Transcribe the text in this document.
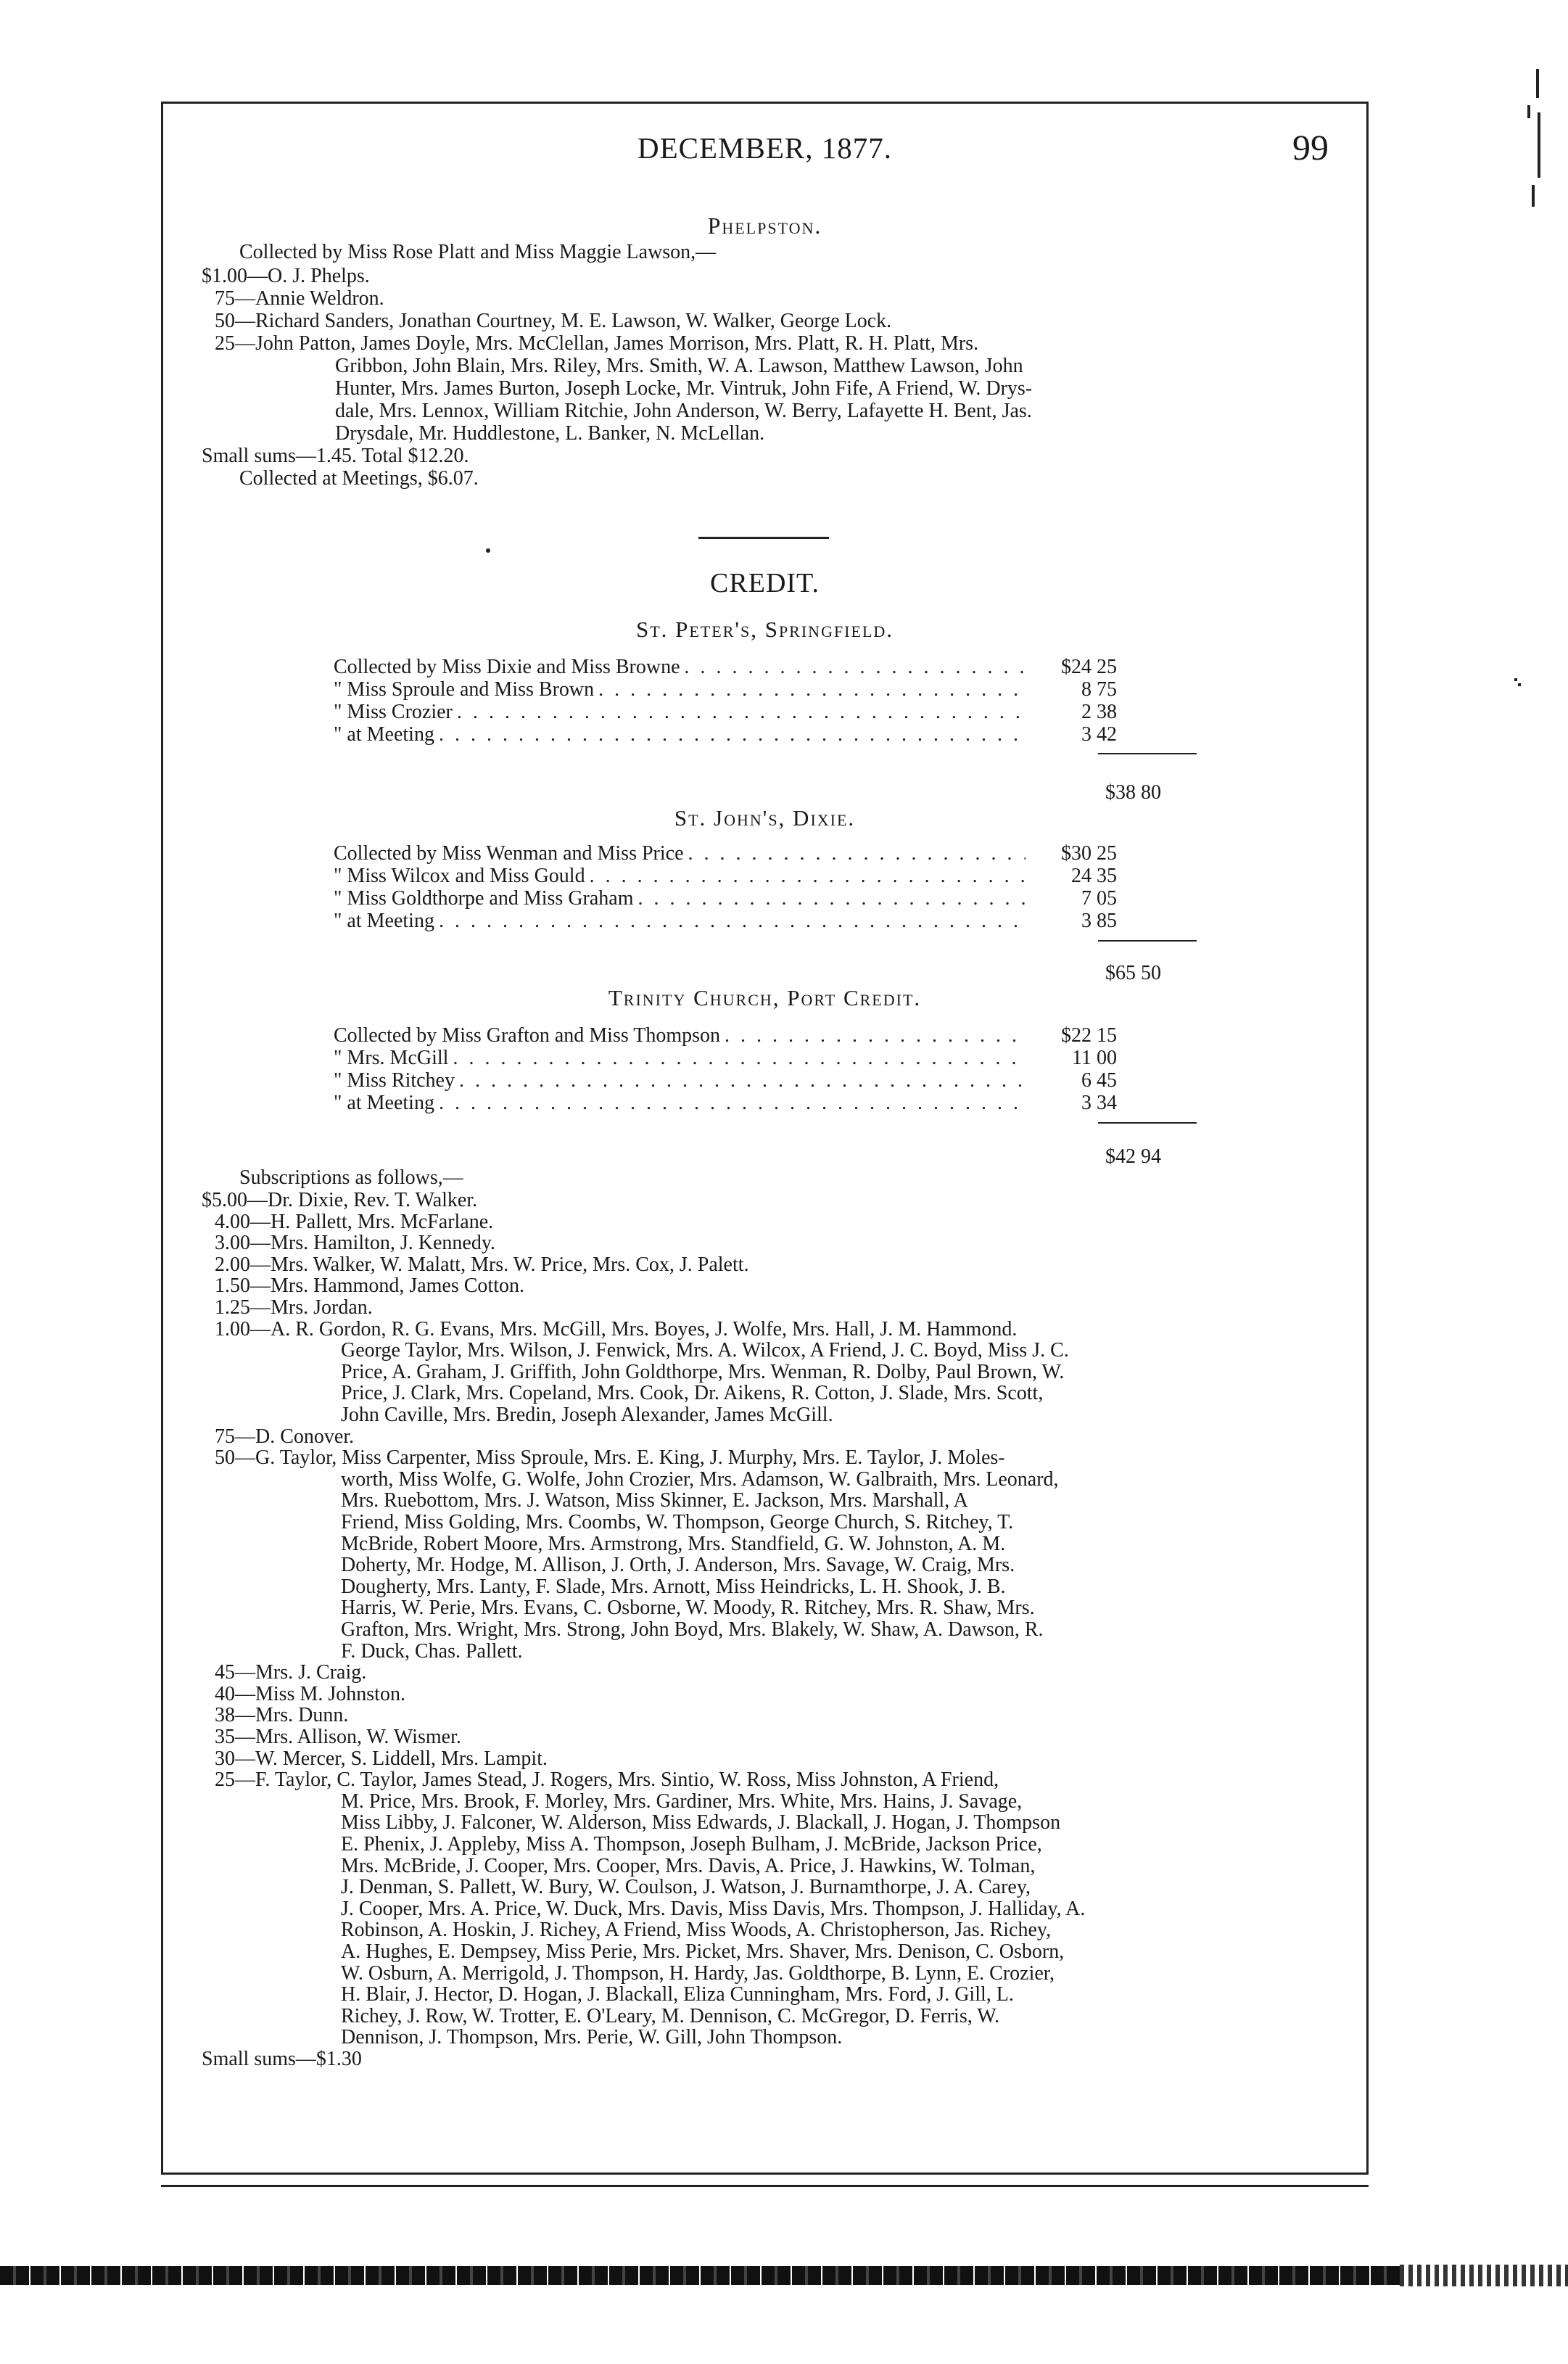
DECEMBER, 1877.	99
Phelpston.
Collected by Miss Rose Platt and Miss Maggie Lawson,—
$1.00—O. J. Phelps.
75—Annie Weldron.
50—Richard Sanders, Jonathan Courtney, M. E. Lawson, W. Walker, George Lock.
25—John Patton, James Doyle, Mrs. McClellan, James Morrison, Mrs. Platt, R. H. Platt, Mrs.
Gribbon, John Blain, Mrs. Riley, Mrs. Smith, W. A. Lawson, Matthew Lawson, John
Hunter, Mrs. James Burton, Joseph Locke, Mr. Vintruk, John Fife, A Friend, W. Drys-
dale, Mrs. Lennox, William Ritchie, John Anderson, W. Berry, Lafayette H. Bent, Jas.
Drysdale, Mr. Huddlestone, L. Banker, N. McLellan.
Small sums—1.45. Total $12.20.
Collected at Meetings, $6.07.
CREDIT.
St. Peter's, Springfield.
Collected by Miss Dixie and Miss Browne . . .	$24 25
" Miss Sproule and Miss Brown . . .	8 75
" Miss Crozier . . .	2 38
" at Meeting . . .	3 42
$38 80
St. John's, Dixie.
Collected by Miss Wenman and Miss Price . . .	$30 25
" Miss Wilcox and Miss Gould . . .	24 35
" Miss Goldthorpe and Miss Graham . . .	7 05
" at Meeting . . .	3 85
$65 50
Trinity Church, Port Credit.
Collected by Miss Grafton and Miss Thompson . . .	$22 15
" Mrs. McGill . . .	11 00
" Miss Ritchey . . .	6 45
" at Meeting . . .	3 34
$42 94
Subscriptions as follows,—
$5.00—Dr. Dixie, Rev. T. Walker.
4.00—H. Pallett, Mrs. McFarlane.
3.00—Mrs. Hamilton, J. Kennedy.
2.00—Mrs. Walker, W. Malatt, Mrs. W. Price, Mrs. Cox, J. Palett.
1.50—Mrs. Hammond, James Cotton.
1.25—Mrs. Jordan.
1.00—A. R. Gordon, R. G. Evans, Mrs. McGill, Mrs. Boyes, J. Wolfe, Mrs. Hall, J. M. Hammond.
George Taylor, Mrs. Wilson, J. Fenwick, Mrs. A. Wilcox, A Friend, J. C. Boyd, Miss J. C.
Price, A. Graham, J. Griffith, John Goldthorpe, Mrs. Wenman, R. Dolby, Paul Brown, W.
Price, J. Clark, Mrs. Copeland, Mrs. Cook, Dr. Aikens, R. Cotton, J. Slade, Mrs. Scott,
John Caville, Mrs. Bredin, Joseph Alexander, James McGill.
75—D. Conover.
50—G. Taylor, Miss Carpenter, Miss Sproule, Mrs. E. King, J. Murphy, Mrs. E. Taylor, J. Moles-
worth, Miss Wolfe, G. Wolfe, John Crozier, Mrs. Adamson, W. Galbraith, Mrs. Leonard,
Mrs. Ruebottom, Mrs. J. Watson, Miss Skinner, E. Jackson, Mrs. Marshall, A
Friend, Miss Golding, Mrs. Coombs, W. Thompson, George Church, S. Ritchey, T.
McBride, Robert Moore, Mrs. Armstrong, Mrs. Standfield, G. W. Johnston, A. M.
Doherty, Mr. Hodge, M. Allison, J. Orth, J. Anderson, Mrs. Savage, W. Craig, Mrs.
Dougherty, Mrs. Lanty, F. Slade, Mrs. Arnott, Miss Heindricks, L. H. Shook, J. B.
Harris, W. Perie, Mrs. Evans, C. Osborne, W. Moody, R. Ritchey, Mrs. R. Shaw, Mrs.
Grafton, Mrs. Wright, Mrs. Strong, John Boyd, Mrs. Blakely, W. Shaw, A. Dawson, R.
F. Duck, Chas. Pallett.
45—Mrs. J. Craig.
40—Miss M. Johnston.
38—Mrs. Dunn.
35—Mrs. Allison, W. Wismer.
30—W. Mercer, S. Liddell, Mrs. Lampit.
25—F. Taylor, C. Taylor, James Stead, J. Rogers, Mrs. Sintio, W. Ross, Miss Johnston, A Friend,
M. Price, Mrs. Brook, F. Morley, Mrs. Gardiner, Mrs. White, Mrs. Hains, J. Savage,
Miss Libby, J. Falconer, W. Alderson, Miss Edwards, J. Blackall, J. Hogan, J. Thompson
E. Phenix, J. Appleby, Miss A. Thompson, Joseph Bulham, J. McBride, Jackson Price,
Mrs. McBride, J. Cooper, Mrs. Cooper, Mrs. Davis, A. Price, J. Hawkins, W. Tolman,
J. Denman, S. Pallett, W. Bury, W. Coulson, J. Watson, J. Burnamthorpe, J. A. Carey,
J. Cooper, Mrs. A. Price, W. Duck, Mrs. Davis, Miss Davis, Mrs. Thompson, J. Halliday, A.
Robinson, A. Hoskin, J. Richey, A Friend, Miss Woods, A. Christopherson, Jas. Richey,
A. Hughes, E. Dempsey, Miss Perie, Mrs. Picket, Mrs. Shaver, Mrs. Denison, C. Osborn,
W. Osburn, A. Merrigold, J. Thompson, H. Hardy, Jas. Goldthorpe, B. Lynn, E. Crozier,
H. Blair, J. Hector, D. Hogan, J. Blackall, Eliza Cunningham, Mrs. Ford, J. Gill, L.
Richey, J. Row, W. Trotter, E. O'Leary, M. Dennison, C. McGregor, D. Ferris, W.
Dennison, J. Thompson, Mrs. Perie, W. Gill, John Thompson.
Small sums—$1.30
